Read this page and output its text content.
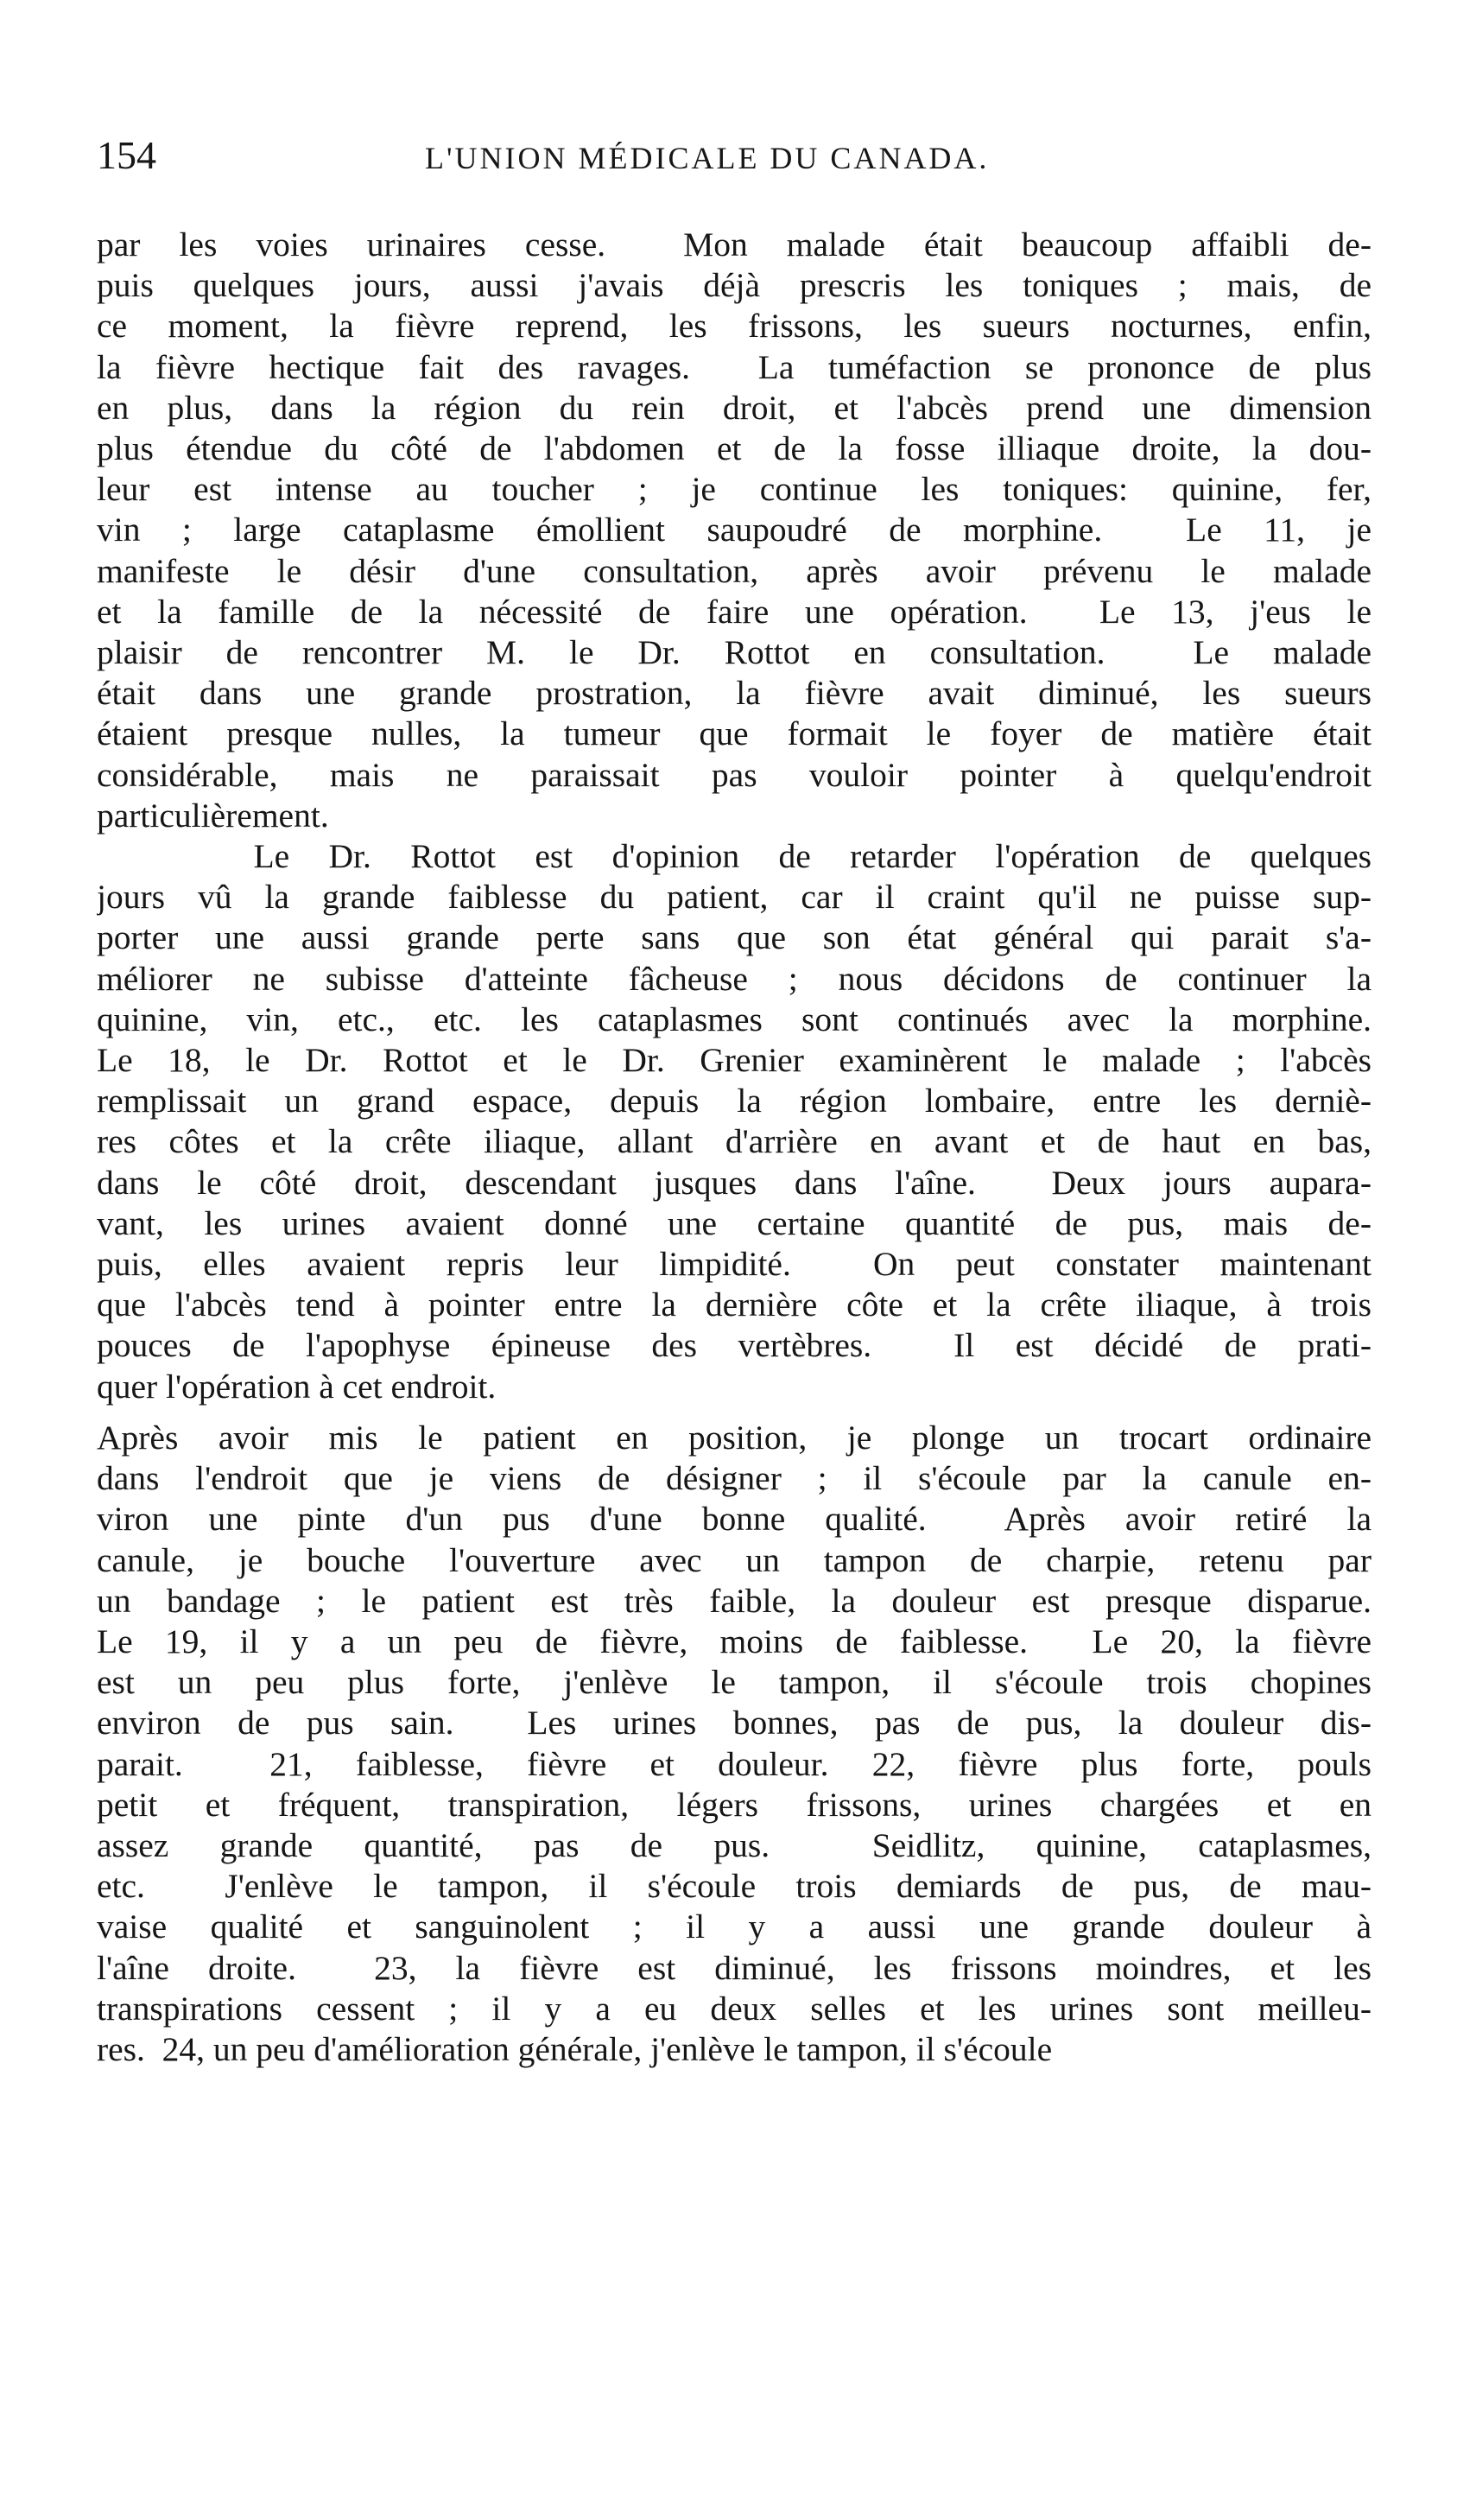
154	L'UNION MÉDICALE DU CANADA.

par les voies urinaires cesse.  Mon malade était beaucoup affaibli de-
puis quelques jours, aussi j'avais déjà prescris les toniques ; mais, de
ce moment, la fièvre reprend, les frissons, les sueurs nocturnes, enfin,
la fièvre hectique fait des ravages.  La tuméfaction se prononce de plus
en plus, dans la région du rein droit, et l'abcès prend une dimension
plus étendue du côté de l'abdomen et de la fosse illiaque droite, la dou-
leur est intense au toucher ; je continue les toniques: quinine, fer,
vin ; large cataplasme émollient saupoudré de morphine.  Le 11, je
manifeste le désir d'une consultation, après avoir prévenu le malade
et la famille de la nécessité de faire une opération.  Le 13, j'eus le
plaisir de rencontrer M. le Dr. Rottot en consultation.  Le malade
était dans une grande prostration, la fièvre avait diminué, les sueurs
étaient presque nulles, la tumeur que formait le foyer de matière était
considérable, mais ne paraissait pas vouloir pointer à quelqu'endroit
particulièrement.

Le Dr. Rottot est d'opinion de retarder l'opération de quelques
jours vû la grande faiblesse du patient, car il craint qu'il ne puisse sup-
porter une aussi grande perte sans que son état général qui parait s'a-
méliorer ne subisse d'atteinte fâcheuse ; nous décidons de continuer la
quinine, vin, etc., etc. les cataplasmes sont continués avec la morphine.
Le 18, le Dr. Rottot et le Dr. Grenier examinèrent le malade ; l'abcès
remplissait un grand espace, depuis la région lombaire, entre les derniè-
res côtes et la crête iliaque, allant d'arrière en avant et de haut en bas,
dans le côté droit, descendant jusques dans l'aîne.  Deux jours aupara-
vant, les urines avaient donné une certaine quantité de pus, mais de-
puis, elles avaient repris leur limpidité.  On peut constater maintenant
que l'abcès tend à pointer entre la dernière côte et la crête iliaque, à trois
pouces de l'apophyse épineuse des vertèbres.  Il est décidé de prati-
quer l'opération à cet endroit.

Après avoir mis le patient en position, je plonge un trocart ordinaire
dans l'endroit que je viens de désigner ; il s'écoule par la canule en-
viron une pinte d'un pus d'une bonne qualité.  Après avoir retiré la
canule, je bouche l'ouverture avec un tampon de charpie, retenu par
un bandage ; le patient est très faible, la douleur est presque disparue.
Le 19, il y a un peu de fièvre, moins de faiblesse.  Le 20, la fièvre
est un peu plus forte, j'enlève le tampon, il s'écoule trois chopines
environ de pus sain.  Les urines bonnes, pas de pus, la douleur dis-
parait.  21, faiblesse, fièvre et douleur. 22, fièvre plus forte, pouls
petit et fréquent, transpiration, légers frissons, urines chargées et en
assez grande quantité, pas de pus.  Seidlitz, quinine, cataplasmes,
etc.  J'enlève le tampon, il s'écoule trois demiards de pus, de mau-
vaise qualité et sanguinolent ; il y a aussi une grande douleur à
l'aîne droite.  23, la fièvre est diminué, les frissons moindres, et les
transpirations cessent ; il y a eu deux selles et les urines sont meilleu-
res.  24, un peu d'amélioration générale, j'enlève le tampon, il s'écoule
